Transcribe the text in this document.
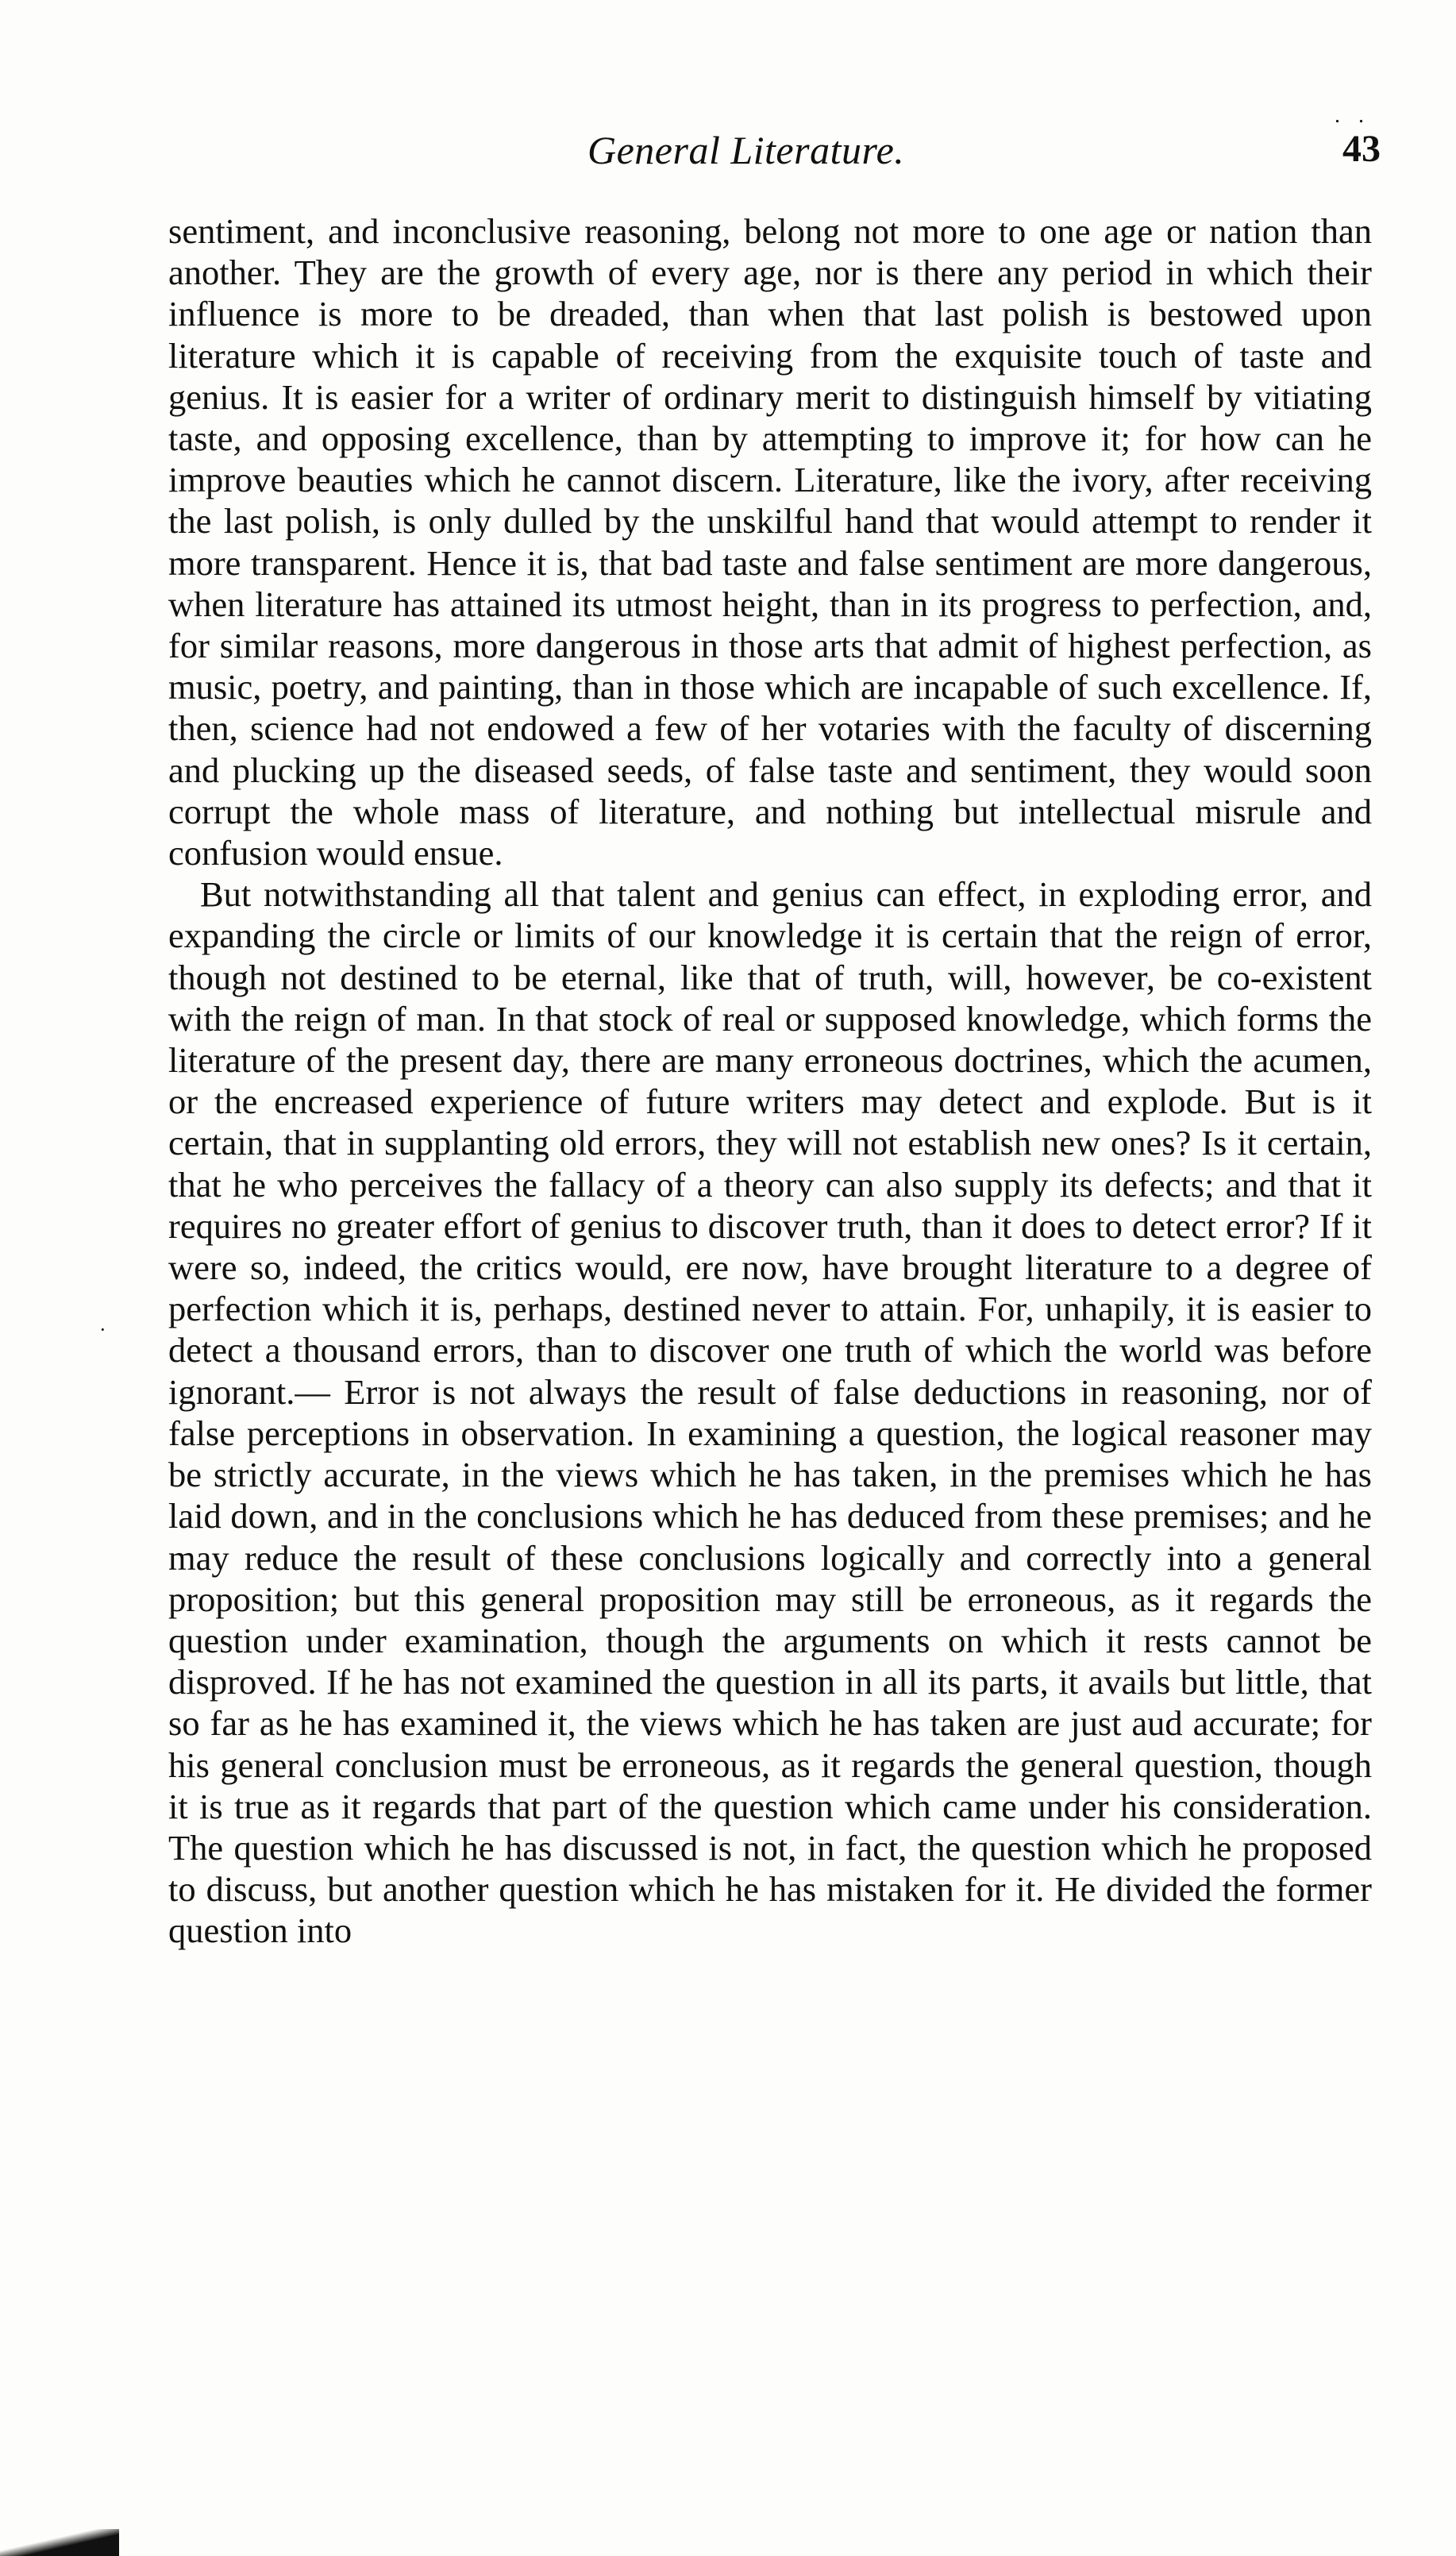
General Literature.	43
. .

sentiment, and inconclusive reasoning, belong not more to one age or nation than another. They are the growth of every age, nor is there any period in which their influence is more to be dreaded, than when that last polish is bestowed upon literature which it is capable of receiving from the exquisite touch of taste and genius. It is easier for a writer of ordinary merit to distinguish himself by vitiating taste, and opposing excellence, than by attempting to improve it; for how can he improve beauties which he cannot discern. Literature, like the ivory, after receiving the last polish, is only dulled by the unskilful hand that would attempt to render it more transparent. Hence it is, that bad taste and false sentiment are more dangerous, when literature has attained its utmost height, than in its progress to perfection, and, for similar reasons, more dangerous in those arts that admit of highest perfection, as music, poetry, and painting, than in those which are incapable of such excellence. If, then, science had not endowed a few of her votaries with the faculty of discerning and plucking up the diseased seeds, of false taste and sentiment, they would soon corrupt the whole mass of literature, and nothing but intellectual misrule and confusion would ensue.

But notwithstanding all that talent and genius can effect, in exploding error, and expanding the circle or limits of our knowledge it is certain that the reign of error, though not destined to be eternal, like that of truth, will, however, be co-existent with the reign of man. In that stock of real or supposed knowledge, which forms the literature of the present day, there are many erroneous doctrines, which the acumen, or the encreased experience of future writers may detect and explode. But is it certain, that in supplanting old errors, they will not establish new ones? Is it certain, that he who perceives the fallacy of a theory can also supply its defects; and that it requires no greater effort of genius to discover truth, than it does to detect error? If it were so, indeed, the critics would, ere now, have brought literature to a degree of perfection which it is, perhaps, destined never to attain. For, unhapily, it is easier to detect a thousand errors, than to discover one truth of which the world was before ignorant.— Error is not always the result of false deductions in reasoning, nor of false perceptions in observation. In examining a question, the logical reasoner may be strictly accurate, in the views which he has taken, in the premises which he has laid down, and in the conclusions which he has deduced from these premises; and he may reduce the result of these conclusions logically and correctly into a general proposition; but this general proposition may still be erroneous, as it regards the question under examination, though the arguments on which it rests cannot be disproved. If he has not examined the question in all its parts, it avails but little, that so far as he has examined it, the views which he has taken are just aud accurate; for his general conclusion must be erroneous, as it regards the general question, though it is true as it regards that part of the question which came under his consideration. The question which he has discussed is not, in fact, the question which he proposed to discuss, but another question which he has mistaken for it. He divided the former question into

·
